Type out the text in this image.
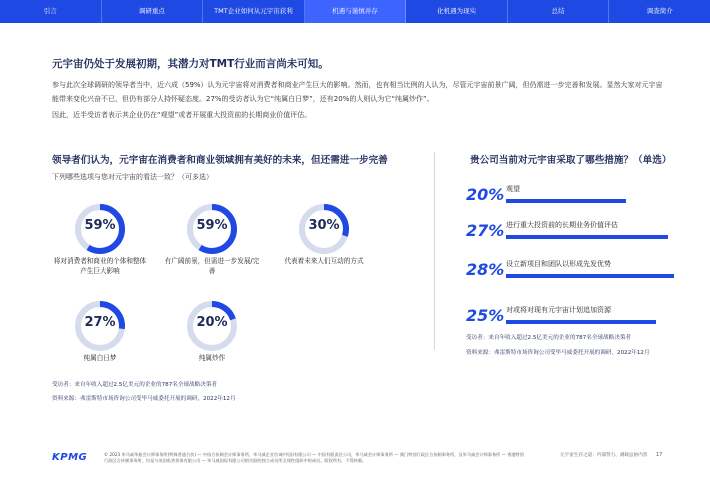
引言	调研重点	TMT企业如何从元宇宙获利	机遇与谨慎并存	化机遇为现实	总结	调查简介
元宇宙仍处于发展初期，其潜力对TMT行业而言尚未可知。

参与此次全球调研的领导者当中，近六成（59%）认为元宇宙将对消费者和商业产生巨大的影响。然而，也有相当比例的人认为，尽管元宇宙前景广阔，但仍需进一步完善和发展。显然大家对元宇宙能带来变化兴奋不已，但仍有部分人持怀疑态度。27%的受访者认为它“纯属白日梦”，还有20%的人则认为它“纯属炒作”。

因此，近半受访者表示其企业仍在“观望”或者开展重大投资前的长期商业价值评估。

领导者们认为，元宇宙在消费者和商业领域拥有美好的未来，但还需进一步完善
下列哪些选项与您对元宇宙的看法一致？（可多选）
59%
将对消费者和商业的个体和整体产生巨大影响
59%
有广阔前景，但需进一步发展/完善
30%
代表着未来人们互动的方式
27%
纯属白日梦
20%
纯属炒作
受访者：来自年收入超过2.5亿美元的企业的787名全球战略决策者
资料来源：弗雷斯特市场咨询公司受毕马威委托开展的调研，2022年12月
贵公司当前对元宇宙采取了哪些措施？（单选）
20% 观望
27% 进行重大投资前的长期业务价值评估
28% 设立新项目和团队以形成先发优势
25% 对或将对现有元宇宙计划追加资源
受访者：来自年收入超过2.5亿美元的企业的787名全球战略决策者
资料来源：弗雷斯特市场咨询公司受毕马威委托开展的调研，2022年12月
KPMG	© 2023 毕马威华振会计师事务所(特殊普通合伙) — 中国合伙制会计师事务所，毕马威企业咨询(中国)有限公司 — 中国有限责任公司，毕马威会计师事务所 — 澳门特别行政区合伙制事务所，及毕马威会计师事务所 — 香港特别行政区合伙制事务所，均是与英国私营担保有限公司 — 毕马威国际有限公司相关联的独立成员所全球性组织中的成员。版权所有，不得转载。
元宇宙生存之道：内部努力、满载总协内容 17
